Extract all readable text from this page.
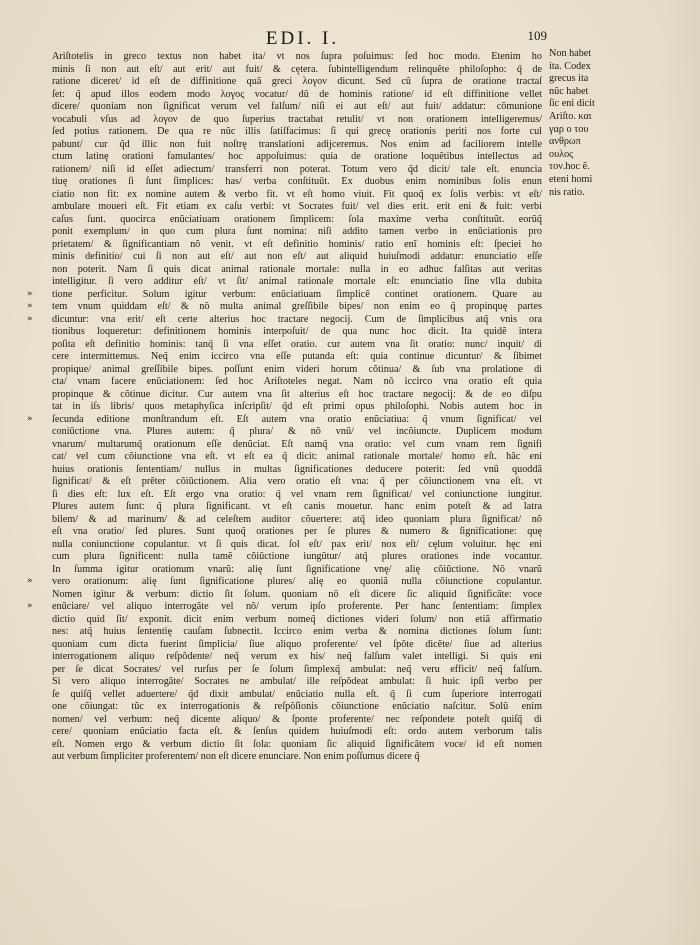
EDI. I.	109
Ariſtotelis in greco textus non habet ita/ vt nos ſupra poſuimus: ſed hoc modo. Etenim ho
minis ſi non aut eſt/ aut erit/ aut fuit/ & cętera. ſubintelligendum relinquẽte philoſopho: q̃ de
ratione diceret/ id eſt de diffinitione quã greci λογον dicunt. Sed cũ ſupra de oratione tractaſ
ſet: q̃ apud illos eodem modo λογος vocatur/ dũ de hominis ratione/ id eſt diffinitione vellet
dicere/ quoniam non ſignificat verum vel falſum/ niſi ei aut eſt/ aut fuit/ addatur: cõmunione
vocabuli vſus ad λογον de quo ſuperius tractabat retulit/ vt non orationem intelligeremus/
ſed potius rationem. De qua re nũc illis ſatiſfacimus: ſi qui grecę orationis periti nos forte cul
pabunt/ cur q̃d illic non fuit noſtrę translationi adijceremus. Nos enim ad faciliorem intelle
ctum latinę orationi famulantes/ hoc appoſuimus: quia de oratione loquẽtibus intellectus ad
rationem/ niſi id eſſet adiectum/ transferri non poterat. Totum vero q̃d dicit/ tale eſt. enuncia
tiuę orationes ſi ſunt ſimplices: has/ verba conſtituũt. Ex duobus enim nominibus ſolis enun
ciatio non fit: ex nomine autem & verbo fit. vt eſt homo viuit. Fit quoq̃ ex ſolis verbis: vt eſt/
ambulare moueri eſt. Fit etiam ex caſu verbi: vt Socrates fuit/ vel dies erit. erit eni & fuit: verbi
caſus ſunt. quocirca enũciatiuam orationem ſimplicem: ſola maxime verba conſtituũt. eorũq̃
ponit exemplum/ in quo cum plura ſunt nomina: niſi addito tamen verbo in enũciationis pro
prietatem/ & ſignificantiam nõ venit. vt eſt definitio hominis/ ratio enĩ hominis eſt: ſpeciei ho
minis definitio/ cui ſi non aut eſt/ aut non eſt/ aut aliquid huiuſmodi addatur: enunciatio eſſe
non poterit. Nam ſi quis dicat animal rationale mortale: nulla in eo adhuc falſitas aut veritas
intelligitur. ſi vero additur eſt/ vt ſit/ animal rationale mortale eſt: enunciatio ſine vlla dubita
tione perficitur. Solum igitur verbum: enũciatiuam ſimplicẽ continet orationem. Quare au
tem vnum quiddam eſt/ & nõ multa animal greſſibile bipes/ non enim eo q̃ propinquę partes
dicuntur: vna erit/ eſt certe alterius hoc tractare negocij. Cum de ſimplicibus atq̃ vnis ora
tionibus loqueretur: definitionem hominis interpoſuit/ de qua nunc hoc dicit. Ita quidẽ intera
poſita eſt definitio hominis: tanq̃ ſi vna eſſet oratio. cur autem vna ſit oratio: nunc/ inquit/ di
cere intermittemus. Neq̃ enim iccirco vna eſſe putanda eſt: quia continue dicuntur/ & ſibimet
propique/ animal greſſibile bipes. poſſunt enim videri horum cõtinua/ & ſub vna prolatione di
cta/ vnam facere enũciationem: ſed hoc Ariſtoteles negat. Nam nõ iccirco vna oratio eſt quia
propinque & cõtinue dicitur. Cur autem vna ſit alterius eſt hoc tractare negocij: & de eo diſpu
tat in iſs libris/ quos metaphyſica inſcripſit/ q̃d eſt primi opus philoſophi. Nobis autem hoc in
ſecunda editione monſtrandum eſt. Eſt autem vna oratio enũciatiua: q̃ vnum ſignificat/ vel
coniũctione vna. Plures autem: q̃ plura/ & nõ vnũ/ vel incõiuncte. Duplicem modum
vnarum/ multarumq̃ orationum eſſe denũciat. Eſt namq̃ vna oratio: vel cum vnam rem ſignifi
cat/ vel cum cõiunctione vna eſt. vt eſt ea q̃ dicit: animal rationale mortale/ homo eſt. hãc eni
huius orationis ſententiam/ nullus in multas ſignificationes deducere poterit: ſed vnũ quoddã
ſignificat/ & eſt prẽter cõiũctionem. Alia vero oratio eſt vna: q̃ per cõiunctionem vna eſt. vt
ſi dies eſt: lux eſt. Eſt ergo vna oratio: q̃ vel vnam rem ſignificat/ vel coniunctione iungitur.
Plures autem ſunt: q̃ plura ſignificant. vt eſt canis mouetur. hanc enim poteſt & ad latra
bilem/ & ad marinum/ & ad celeſtem auditor cõuertere: atq̃ ideo quoniam plura ſignificat/ nõ
eſt vna oratio/ ſed plures. Sunt quoq̃ orationes per ſe plures & numero & ſignificatione: quę
nulla coniunctione copulantur. vt ſi quis dicat. ſol eſt/ pax erit/ nox eſt/ cęlum voluitur. hęc eni
cum plura ſignificent: nulla tamẽ cõiũctione iungũtur/ atq̃ plures orationes inde vocantur.
In ſumma igitur orationum vnarũ: alię ſunt ſignificatione vnę/ alię cõiũctione. Nõ vnarũ
vero orationum: alię ſunt ſignificatione plures/ alię eo quoniã nulla cõiunctione copulantur.
Nomen igitur & verbum: dictio ſit ſolum. quoniam nõ eſt dicere ſic aliquid ſignificãte: voce
enũciare/ vel aliquo interrogãte vel nõ/ verum ipſo proferente. Per hanc ſententiam: ſimplex
dictio quid ſit/ exponit. dicit enim verbum nomeq̃ dictiones videri ſolum/ non etiã affirmatio
nes: atq̃ huius ſententię cauſam ſubnectit. Iccirco enim verba & nomina dictiones ſolum ſunt:
quoniam cum dicta fuerint ſimplicia/ ſiue aliquo proferente/ vel ſpõte dicẽte/ ſiue ad alterius
interrogationem aliquo reſpõdente/ neq̃ verum ex his/ neq̃ falſum valet intelligi. Si quis eni
per ſe dicat Socrates/ vel rurſus per ſe ſolum ſimplexq̃ ambulat: neq̃ veru efficit/ neq̃ falſum.
Si vero aliquo interrogãte/ Socrates ne ambulat/ ille reſpõdeat ambulat: ſi huic ipſi verbo per
ſe quiſq̃ vellet aduertere/ q̃d dixit ambulat/ enũciatio nulla eſt. q̃ ſi cum ſuperiore interrogati
one cõiungat: tũc ex interrogationis & reſpõſionis cõiunctione enũciatio naſcitur. Solũ enim
nomen/ vel verbum: neq̃ dicente aliquo/ & ſponte proferente/ nec reſpondete poteſt quiſq̃ di
cere/ quoniam enũciatio facta eſt. & ſenſus quidem huiuſmodi eſt: ordo autem verborum talis
eſt. Nomen ergo & verbum dictio ſit ſola: quoniam ſic aliquid ſignificãtem voce/ id eſt nomen
aut verbum ſimpliciter proferentem/ non eſt dicere enunciare. Non enim poſſumus dicere q̃
Non habet
ita. Codex
grecus ita
nũc habet
ſic eni dicit
Ariſto. και
γαρ ο του
ανθρωπ
ουλος
τον.hoc ẽ.
eteni homi
nis ratio.
»
»
»
»
»
»
